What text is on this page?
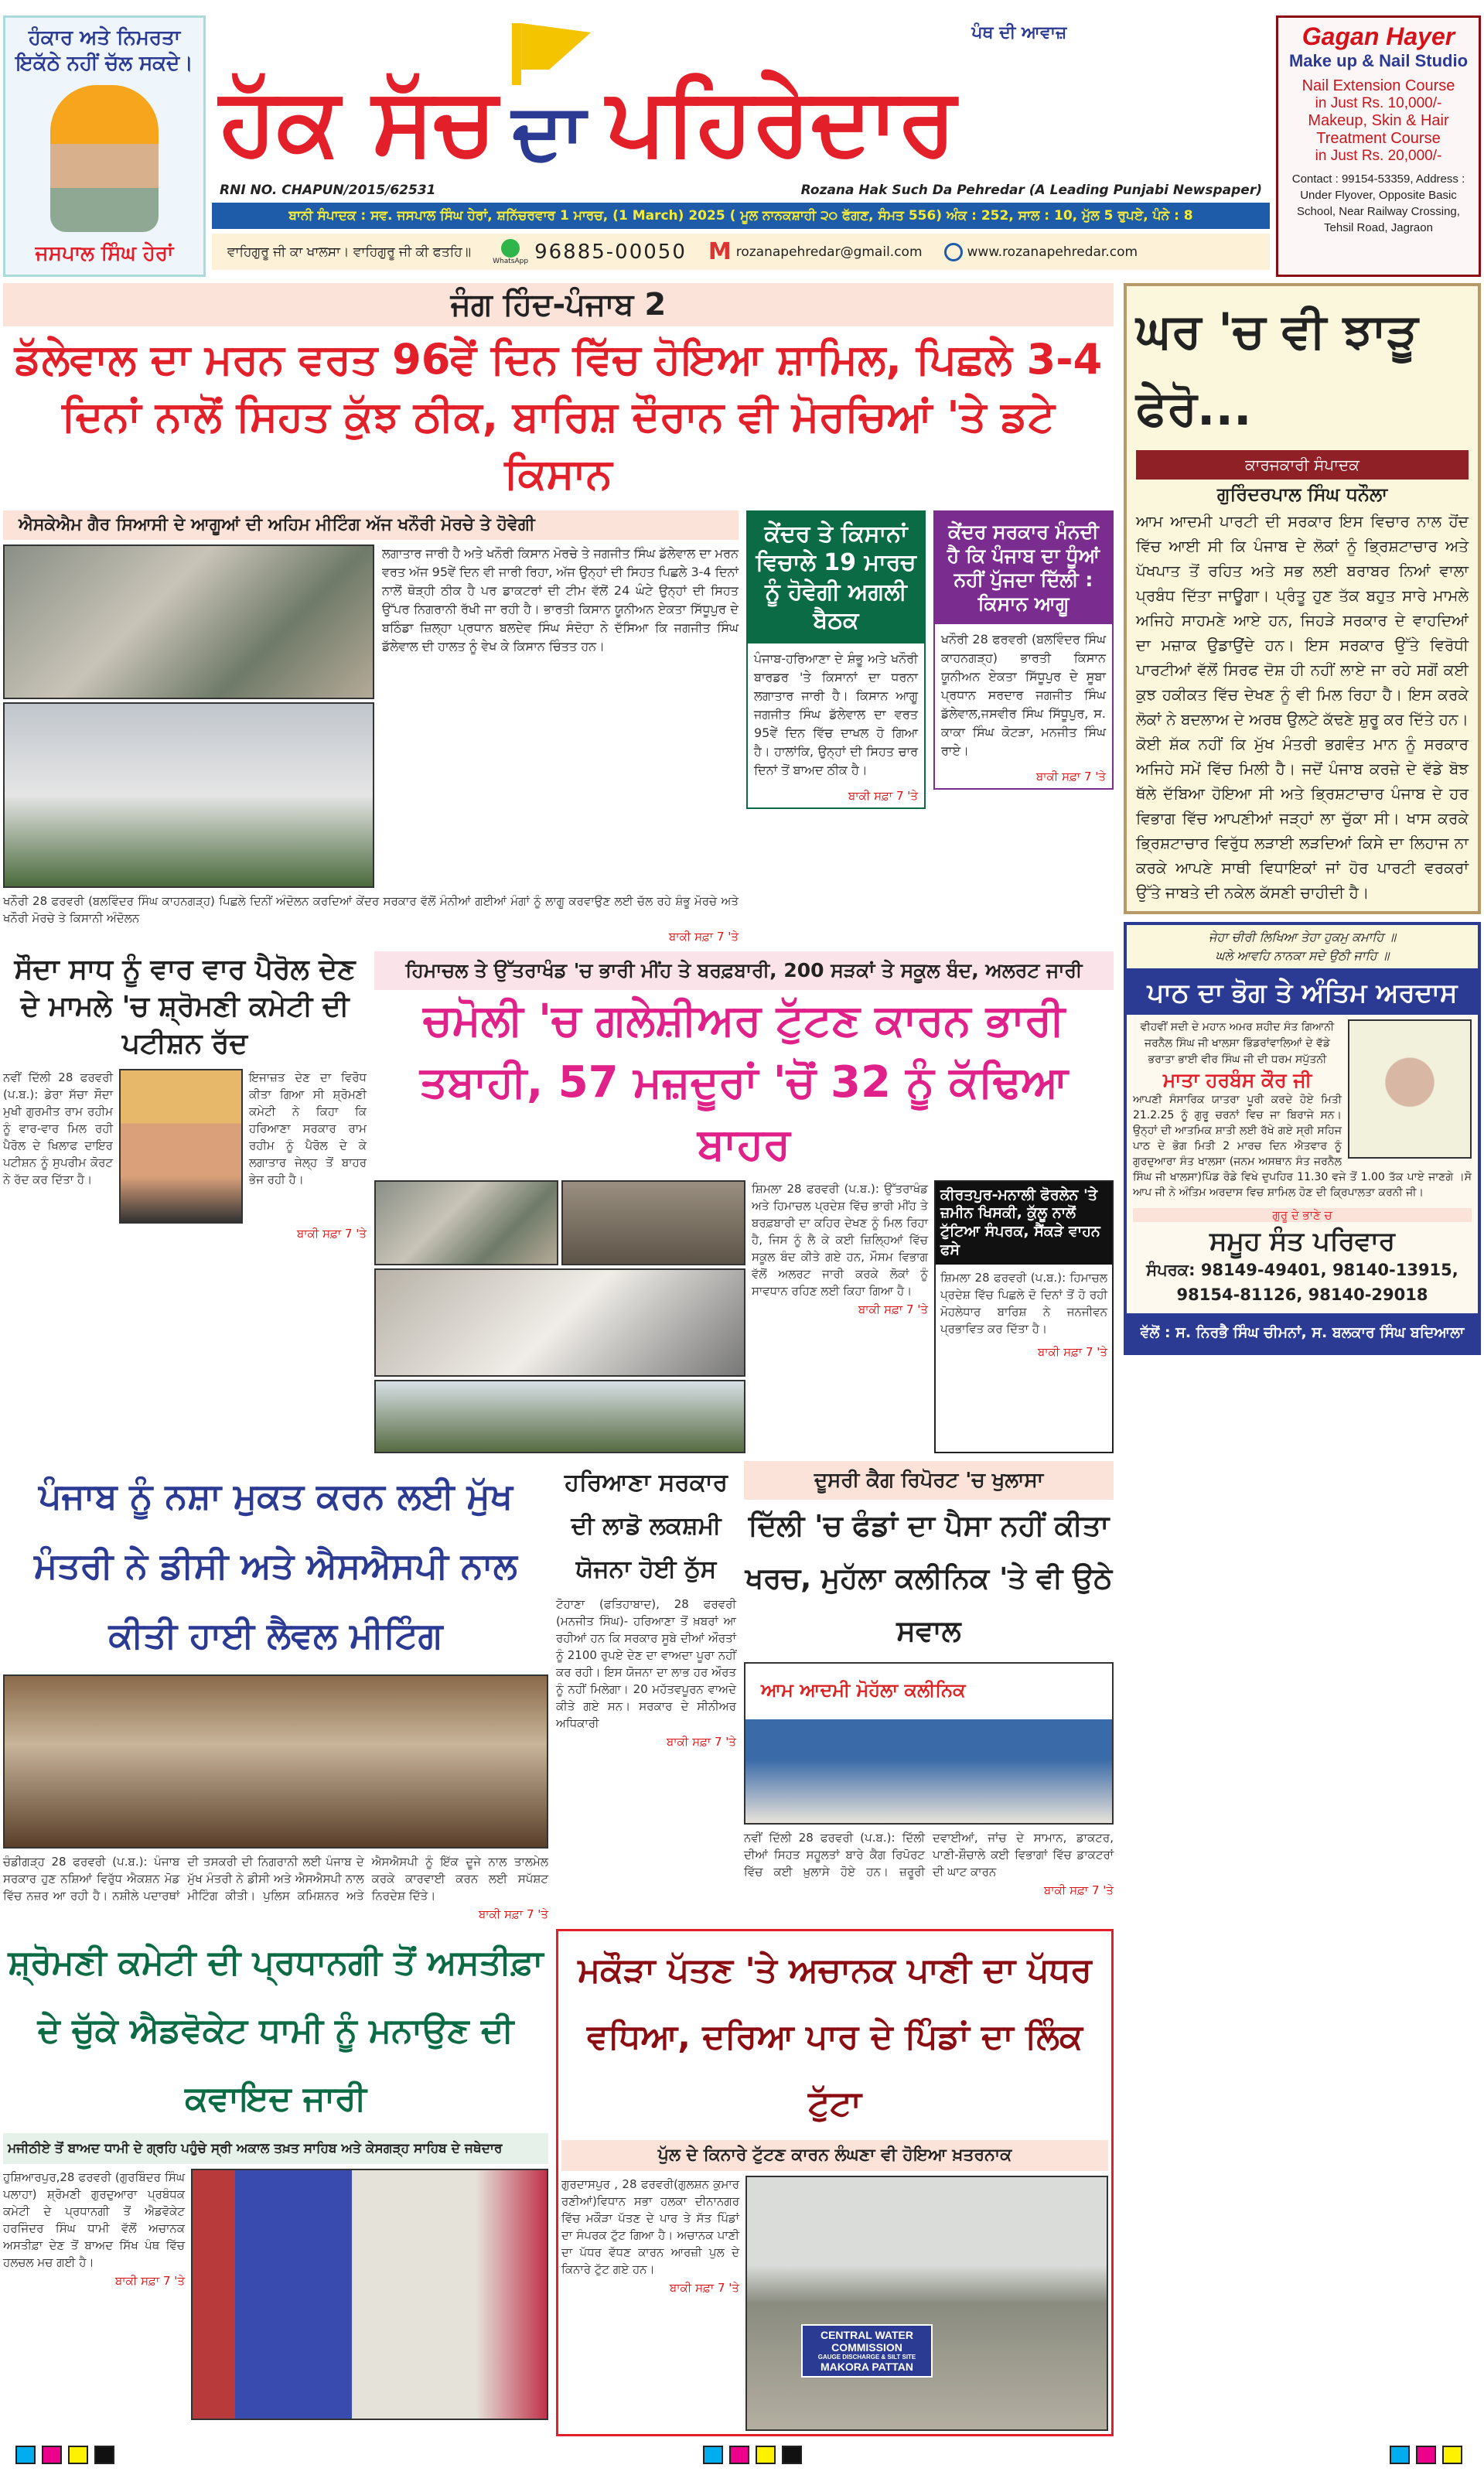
ਹੰਕਾਰ ਅਤੇ ਨਿਮਰਤਾ ਇਕੱਠੇ ਨਹੀਂ ਚੱਲ ਸਕਦੇ।
ਜਸਪਾਲ ਸਿੰਘ ਹੇਰਾਂ
ਹੱਕ ਸੱਚ ਦਾ ਪਹਿਰੇਦਾਰ
ਪੰਥ ਦੀ ਆਵਾਜ਼
RNI NO. CHAPUN/2015/62531	Rozana Hak Such Da Pehredar (A Leading Punjabi Newspaper)
ਬਾਨੀ ਸੰਪਾਦਕ : ਸਵ. ਜਸਪਾਲ ਸਿੰਘ ਹੇਰਾਂ, ਸ਼ਨਿੱਚਰਵਾਰ 1 ਮਾਰਚ, (1 March) 2025 ( ਮੂਲ ਨਾਨਕਸ਼ਾਹੀ ੨੦ ਫੱਗਣ, ਸੰਮਤ 556) ਅੰਕ : 252, ਸਾਲ : 10, ਮੁੱਲ 5 ਰੁਪਏ, ਪੰਨੇ : 8
ਵਾਹਿਗੁਰੂ ਜੀ ਕਾ ਖਾਲਸਾ। ਵਾਹਿਗੁਰੂ ਜੀ ਕੀ ਫਤਹਿ॥
WhatsApp 96885-00050 M rozanapehredar@gmail.com	www.rozanapehredar.com
Gagan Hayer
Make up & Nail Studio
Nail Extension Course
in Just Rs. 10,000/-
Makeup, Skin & Hair Treatment Course
in Just Rs. 20,000/-
Contact : 99154-53359, Address : Under Flyover, Opposite Basic School, Near Railway Crossing, Tehsil Road, Jagraon
ਜੰਗ ਹਿੰਦ-ਪੰਜਾਬ 2
ਡੱਲੇਵਾਲ ਦਾ ਮਰਨ ਵਰਤ 96ਵੇਂ ਦਿਨ ਵਿੱਚ ਹੋਇਆ ਸ਼ਾਮਿਲ, ਪਿਛਲੇ 3-4 ਦਿਨਾਂ ਨਾਲੋਂ ਸਿਹਤ ਕੁੱਝ ਠੀਕ, ਬਾਰਿਸ਼ ਦੌਰਾਨ ਵੀ ਮੋਰਚਿਆਂ 'ਤੇ ਡਟੇ ਕਿਸਾਨ
ਐਸਕੇਐਮ ਗੈਰ ਸਿਆਸੀ ਦੇ ਆਗੂਆਂ ਦੀ ਅਹਿਮ ਮੀਟਿੰਗ ਅੱਜ ਖਨੌਰੀ ਮੋਰਚੇ ਤੇ ਹੋਵੇਗੀ
ਲਗਾਤਾਰ ਜਾਰੀ ਹੈ ਅਤੇ ਖਨੌਰੀ ਕਿਸਾਨ ਮੋਰਚੇ ਤੇ ਜਗਜੀਤ ਸਿੰਘ ਡੱਲੇਵਾਲ ਦਾ ਮਰਨ ਵਰਤ ਅੱਜ 95ਵੇਂ ਦਿਨ ਵੀ ਜਾਰੀ ਰਿਹਾ, ਅੱਜ ਉਨ੍ਹਾਂ ਦੀ ਸਿਹਤ ਪਿਛਲੇ 3-4 ਦਿਨਾਂ ਨਾਲੋਂ ਥੋੜ੍ਹੀ ਠੀਕ ਹੈ ਪਰ ਡਾਕਟਰਾਂ ਦੀ ਟੀਮ ਵੱਲੋਂ 24 ਘੰਟੇ ਉਨ੍ਹਾਂ ਦੀ ਸਿਹਤ ਉੱਪਰ ਨਿਗਰਾਨੀ ਰੱਖੀ ਜਾ ਰਹੀ ਹੈ। ਭਾਰਤੀ ਕਿਸਾਨ ਯੂਨੀਅਨ ਏਕਤਾ ਸਿੱਧੂਪੁਰ ਦੇ ਬਠਿੰਡਾ ਜ਼ਿਲ੍ਹਾ ਪ੍ਰਧਾਨ ਬਲਦੇਵ ਸਿੰਘ ਸੰਦੋਹਾ ਨੇ ਦੱਸਿਆ ਕਿ ਜਗਜੀਤ ਸਿੰਘ ਡੱਲੇਵਾਲ ਦੀ ਹਾਲਤ ਨੂੰ ਵੇਖ ਕੇ ਕਿਸਾਨ ਚਿੰਤਤ ਹਨ।
ਖਨੌਰੀ 28 ਫਰਵਰੀ (ਬਲਵਿੰਦਰ ਸਿੰਘ ਕਾਹਨਗੜ੍ਹ) ਪਿਛਲੇ ਦਿਨੀਂ ਅੰਦੋਲਨ ਕਰਦਿਆਂ ਕੇਂਦਰ ਸਰਕਾਰ ਵੱਲੋਂ ਮੰਨੀਆਂ ਗਈਆਂ ਮੰਗਾਂ ਨੂੰ ਲਾਗੂ ਕਰਵਾਉਣ ਲਈ ਚੱਲ ਰਹੇ ਸ਼ੰਭੂ ਮੋਰਚੇ ਅਤੇ ਖਨੌਰੀ ਮੋਰਚੇ ਤੇ ਕਿਸਾਨੀ ਅੰਦੋਲਨ
ਬਾਕੀ ਸਫ਼ਾ 7 'ਤੇ
ਕੇਂਦਰ ਤੇ ਕਿਸਾਨਾਂ ਵਿਚਾਲੇ 19 ਮਾਰਚ ਨੂੰ ਹੋਵੇਗੀ ਅਗਲੀ ਬੈਠਕ
ਪੰਜਾਬ-ਹਰਿਆਣਾ ਦੇ ਸ਼ੰਭੂ ਅਤੇ ਖਨੌਰੀ ਬਾਰਡਰ 'ਤੇ ਕਿਸਾਨਾਂ ਦਾ ਧਰਨਾ ਲਗਾਤਾਰ ਜਾਰੀ ਹੈ। ਕਿਸਾਨ ਆਗੂ ਜਗਜੀਤ ਸਿੰਘ ਡੱਲੇਵਾਲ ਦਾ ਵਰਤ 95ਵੇਂ ਦਿਨ ਵਿੱਚ ਦਾਖਲ ਹੋ ਗਿਆ ਹੈ। ਹਾਲਾਂਕਿ, ਉਨ੍ਹਾਂ ਦੀ ਸਿਹਤ ਚਾਰ ਦਿਨਾਂ ਤੋਂ ਬਾਅਦ ਠੀਕ ਹੈ।
ਬਾਕੀ ਸਫ਼ਾ 7 'ਤੇ
ਕੇਂਦਰ ਸਰਕਾਰ ਮੰਨਦੀ ਹੈ ਕਿ ਪੰਜਾਬ ਦਾ ਧੂੰਆਂ ਨਹੀਂ ਪੁੱਜਦਾ ਦਿੱਲੀ : ਕਿਸਾਨ ਆਗੂ
ਖਨੌਰੀ 28 ਫਰਵਰੀ (ਬਲਵਿੰਦਰ ਸਿੰਘ ਕਾਹਨਗੜ੍ਹ) ਭਾਰਤੀ ਕਿਸਾਨ ਯੂਨੀਅਨ ਏਕਤਾ ਸਿੱਧੂਪੁਰ ਦੇ ਸੂਬਾ ਪ੍ਰਧਾਨ ਸਰਦਾਰ ਜਗਜੀਤ ਸਿੰਘ ਡੱਲੇਵਾਲ,ਜਸਵੀਰ ਸਿੰਘ ਸਿੱਧੂਪੁਰ, ਸ. ਕਾਕਾ ਸਿੰਘ ਕੋਟੜਾ, ਮਨਜੀਤ ਸਿੰਘ ਰਾਏ।
ਬਾਕੀ ਸਫ਼ਾ 7 'ਤੇ
ਸੌਦਾ ਸਾਧ ਨੂੰ ਵਾਰ ਵਾਰ ਪੈਰੋਲ ਦੇਣ ਦੇ ਮਾਮਲੇ 'ਚ ਸ਼੍ਰੋਮਣੀ ਕਮੇਟੀ ਦੀ ਪਟੀਸ਼ਨ ਰੱਦ
ਨਵੀਂ ਦਿੱਲੀ 28 ਫਰਵਰੀ (ਪ.ਬ.): ਡੇਰਾ ਸੱਚਾ ਸੌਦਾ ਮੁਖੀ ਗੁਰਮੀਤ ਰਾਮ ਰਹੀਮ ਨੂੰ ਵਾਰ-ਵਾਰ ਮਿਲ ਰਹੀ ਪੈਰੋਲ ਦੇ ਖਿਲਾਫ ਦਾਇਰ ਪਟੀਸ਼ਨ ਨੂੰ ਸੁਪਰੀਮ ਕੋਰਟ ਨੇ ਰੱਦ ਕਰ ਦਿੱਤਾ ਹੈ।
ਇਜਾਜ਼ਤ ਦੇਣ ਦਾ ਵਿਰੋਧ ਕੀਤਾ ਗਿਆ ਸੀ ਸ਼੍ਰੋਮਣੀ ਕਮੇਟੀ ਨੇ ਕਿਹਾ ਕਿ ਹਰਿਆਣਾ ਸਰਕਾਰ ਰਾਮ ਰਹੀਮ ਨੂੰ ਪੈਰੋਲ ਦੇ ਕੇ ਲਗਾਤਾਰ ਜੇਲ੍ਹ ਤੋਂ ਬਾਹਰ ਭੇਜ ਰਹੀ ਹੈ।
ਬਾਕੀ ਸਫ਼ਾ 7 'ਤੇ
ਹਿਮਾਚਲ ਤੇ ਉੱਤਰਾਖੰਡ 'ਚ ਭਾਰੀ ਮੀਂਹ ਤੇ ਬਰਫ਼ਬਾਰੀ, 200 ਸੜਕਾਂ ਤੇ ਸਕੂਲ ਬੰਦ, ਅਲਰਟ ਜਾਰੀ
ਚਮੋਲੀ 'ਚ ਗਲੇਸ਼ੀਅਰ ਟੁੱਟਣ ਕਾਰਨ ਭਾਰੀ ਤਬਾਹੀ, 57 ਮਜ਼ਦੂਰਾਂ 'ਚੋਂ 32 ਨੂੰ ਕੱਢਿਆ ਬਾਹਰ
ਸ਼ਿਮਲਾ 28 ਫਰਵਰੀ (ਪ.ਬ.): ਉੱਤਰਾਖੰਡ ਅਤੇ ਹਿਮਾਚਲ ਪ੍ਰਦੇਸ਼ ਵਿੱਚ ਭਾਰੀ ਮੀਂਹ ਤੇ ਬਰਫ਼ਬਾਰੀ ਦਾ ਕਹਿਰ ਦੇਖਣ ਨੂੰ ਮਿਲ ਰਿਹਾ ਹੈ, ਜਿਸ ਨੂੰ ਲੈ ਕੇ ਕਈ ਜ਼ਿਲ੍ਹਿਆਂ ਵਿੱਚ ਸਕੂਲ ਬੰਦ ਕੀਤੇ ਗਏ ਹਨ, ਮੌਸਮ ਵਿਭਾਗ ਵੱਲੋਂ ਅਲਰਟ ਜਾਰੀ ਕਰਕੇ ਲੋਕਾਂ ਨੂੰ ਸਾਵਧਾਨ ਰਹਿਣ ਲਈ ਕਿਹਾ ਗਿਆ ਹੈ।
ਬਾਕੀ ਸਫ਼ਾ 7 'ਤੇ
ਕੀਰਤਪੁਰ-ਮਨਾਲੀ ਫੋਰਲੇਨ 'ਤੇ ਜ਼ਮੀਨ ਖਿਸਕੀ, ਕੁੱਲੂ ਨਾਲੋਂ ਟੁੱਟਿਆ ਸੰਪਰਕ, ਸੈਂਕੜੇ ਵਾਹਨ ਫਸੇ
ਸ਼ਿਮਲਾ 28 ਫਰਵਰੀ (ਪ.ਬ.): ਹਿਮਾਚਲ ਪ੍ਰਦੇਸ਼ ਵਿੱਚ ਪਿਛਲੇ ਦੋ ਦਿਨਾਂ ਤੋਂ ਹੋ ਰਹੀ ਮੋਹਲੇਧਾਰ ਬਾਰਿਸ਼ ਨੇ ਜਨਜੀਵਨ ਪ੍ਰਭਾਵਿਤ ਕਰ ਦਿੱਤਾ ਹੈ।
ਬਾਕੀ ਸਫ਼ਾ 7 'ਤੇ
ਪੰਜਾਬ ਨੂੰ ਨਸ਼ਾ ਮੁਕਤ ਕਰਨ ਲਈ ਮੁੱਖ ਮੰਤਰੀ ਨੇ ਡੀਸੀ ਅਤੇ ਐਸਐਸਪੀ ਨਾਲ ਕੀਤੀ ਹਾਈ ਲੈਵਲ ਮੀਟਿੰਗ
ਚੰਡੀਗੜ੍ਹ 28 ਫਰਵਰੀ (ਪ.ਬ.): ਪੰਜਾਬ ਸਰਕਾਰ ਹੁਣ ਨਸ਼ਿਆਂ ਵਿਰੁੱਧ ਐਕਸ਼ਨ ਮੋਡ ਵਿੱਚ ਨਜ਼ਰ ਆ ਰਹੀ ਹੈ। ਨਸ਼ੀਲੇ ਪਦਾਰਥਾਂ ਦੀ ਤਸਕਰੀ ਦੀ ਨਿਗਰਾਨੀ ਲਈ ਪੰਜਾਬ ਦੇ ਮੁੱਖ ਮੰਤਰੀ ਨੇ ਡੀਸੀ ਅਤੇ ਐਸਐਸਪੀ ਨਾਲ ਮੀਟਿੰਗ ਕੀਤੀ। ਪੁਲਿਸ ਕਮਿਸ਼ਨਰ ਅਤੇ ਐਸਐਸਪੀ ਨੂੰ ਇੱਕ ਦੂਜੇ ਨਾਲ ਤਾਲਮੇਲ ਕਰਕੇ ਕਾਰਵਾਈ ਕਰਨ ਲਈ ਸਪੱਸ਼ਟ ਨਿਰਦੇਸ਼ ਦਿੱਤੇ।
ਬਾਕੀ ਸਫ਼ਾ 7 'ਤੇ
ਹਰਿਆਣਾ ਸਰਕਾਰ ਦੀ ਲਾਡੋ ਲਕਸ਼ਮੀ ਯੋਜਨਾ ਹੋਈ ਠੁੱਸ
ਟੋਹਾਣਾ (ਫਤਿਹਾਬਾਦ), 28 ਫਰਵਰੀ (ਮਨਜੀਤ ਸਿੰਘ)- ਹਰਿਆਣਾ ਤੋਂ ਖ਼ਬਰਾਂ ਆ ਰਹੀਆਂ ਹਨ ਕਿ ਸਰਕਾਰ ਸੂਬੇ ਦੀਆਂ ਔਰਤਾਂ ਨੂੰ 2100 ਰੁਪਏ ਦੇਣ ਦਾ ਵਾਅਦਾ ਪੂਰਾ ਨਹੀਂ ਕਰ ਰਹੀ। ਇਸ ਯੋਜਨਾ ਦਾ ਲਾਭ ਹਰ ਔਰਤ ਨੂੰ ਨਹੀਂ ਮਿਲੇਗਾ। 20 ਮਹੱਤਵਪੂਰਨ ਵਾਅਦੇ ਕੀਤੇ ਗਏ ਸਨ। ਸਰਕਾਰ ਦੇ ਸੀਨੀਅਰ ਅਧਿਕਾਰੀ
ਬਾਕੀ ਸਫ਼ਾ 7 'ਤੇ
ਦੂਸਰੀ ਕੈਗ ਰਿਪੋਰਟ 'ਚ ਖੁਲਾਸਾ
ਦਿੱਲੀ 'ਚ ਫੰਡਾਂ ਦਾ ਪੈਸਾ ਨਹੀਂ ਕੀਤਾ ਖਰਚ, ਮੁਹੱਲਾ ਕਲੀਨਿਕ 'ਤੇ ਵੀ ਉਠੇ ਸਵਾਲ
ਆਮ ਆਦਮੀ ਮੋਹੱਲਾ ਕਲੀਨਿਕ
ਨਵੀਂ ਦਿੱਲੀ 28 ਫਰਵਰੀ (ਪ.ਬ.): ਦਿੱਲੀ ਦੀਆਂ ਸਿਹਤ ਸਹੂਲਤਾਂ ਬਾਰੇ ਕੈਗ ਰਿਪੋਰਟ ਵਿੱਚ ਕਈ ਖ਼ੁਲਾਸੇ ਹੋਏ ਹਨ। ਜ਼ਰੂਰੀ ਦਵਾਈਆਂ, ਜਾਂਚ ਦੇ ਸਾਮਾਨ, ਡਾਕਟਰ, ਪਾਣੀ-ਸ਼ੌਚਾਲੇ ਕਈ ਵਿਭਾਗਾਂ ਵਿੱਚ ਡਾਕਟਰਾਂ ਦੀ ਘਾਟ ਕਾਰਨ
ਬਾਕੀ ਸਫ਼ਾ 7 'ਤੇ
ਸ਼੍ਰੋਮਣੀ ਕਮੇਟੀ ਦੀ ਪ੍ਰਧਾਨਗੀ ਤੋਂ ਅਸਤੀਫ਼ਾ ਦੇ ਚੁੱਕੇ ਐਡਵੋਕੇਟ ਧਾਮੀ ਨੂੰ ਮਨਾਉਣ ਦੀ ਕਵਾਇਦ ਜਾਰੀ
ਮਜੀਠੀਏ ਤੋਂ ਬਾਅਦ ਧਾਮੀ ਦੇ ਗ੍ਰਹਿ ਪਹੁੰਚੇ ਸ੍ਰੀ ਅਕਾਲ ਤਖ਼ਤ ਸਾਹਿਬ ਅਤੇ ਕੇਸਗੜ੍ਹ ਸਾਹਿਬ ਦੇ ਜਥੇਦਾਰ
ਹੁਸ਼ਿਆਰਪੁਰ,28 ਫਰਵਰੀ (ਗੁਰਬਿੰਦਰ ਸਿੰਘ ਪਲਾਹਾ) ਸ਼੍ਰੋਮਣੀ ਗੁਰਦੁਆਰਾ ਪ੍ਰਬੰਧਕ ਕਮੇਟੀ ਦੇ ਪ੍ਰਧਾਨਗੀ ਤੋਂ ਐਡਵੋਕੇਟ ਹਰਜਿੰਦਰ ਸਿੰਘ ਧਾਮੀ ਵੱਲੋਂ ਅਚਾਨਕ ਅਸਤੀਫ਼ਾ ਦੇਣ ਤੋਂ ਬਾਅਦ ਸਿੱਖ ਪੰਥ ਵਿੱਚ ਹਲਚਲ ਮਚ ਗਈ ਹੈ।
ਬਾਕੀ ਸਫ਼ਾ 7 'ਤੇ
ਮਕੌੜਾ ਪੱਤਣ 'ਤੇ ਅਚਾਨਕ ਪਾਣੀ ਦਾ ਪੱਧਰ ਵਧਿਆ, ਦਰਿਆ ਪਾਰ ਦੇ ਪਿੰਡਾਂ ਦਾ ਲਿੰਕ ਟੁੱਟਾ
ਪੁੱਲ ਦੇ ਕਿਨਾਰੇ ਟੁੱਟਣ ਕਾਰਨ ਲੰਘਣਾ ਵੀ ਹੋਇਆ ਖ਼ਤਰਨਾਕ
ਗੁਰਦਾਸਪੁਰ , 28 ਫਰਵਰੀ(ਗੁਲਸ਼ਨ ਕੁਮਾਰ ਰਣੀਆਂ)ਵਿਧਾਨ ਸਭਾ ਹਲਕਾ ਦੀਨਾਨਗਰ ਵਿੱਚ ਮਕੌੜਾ ਪੱਤਣ ਦੇ ਪਾਰ ਤੇ ਸੱਤ ਪਿੰਡਾਂ ਦਾ ਸੰਪਰਕ ਟੁੱਟ ਗਿਆ ਹੈ। ਅਚਾਨਕ ਪਾਣੀ ਦਾ ਪੱਧਰ ਵੱਧਣ ਕਾਰਨ ਆਰਜ਼ੀ ਪੁਲ ਦੇ ਕਿਨਾਰੇ ਟੁੱਟ ਗਏ ਹਨ।
ਬਾਕੀ ਸਫ਼ਾ 7 'ਤੇ
CENTRAL WATER
COMMISSION
GAUGE DISCHARGE & SILT SITE
MAKORA PATTAN
ਘਰ 'ਚ ਵੀ ਝਾੜੂ ਫੇਰੋ...
ਕਾਰਜਕਾਰੀ ਸੰਪਾਦਕ
ਗੁਰਿੰਦਰਪਾਲ ਸਿੰਘ ਧਨੌਲਾ
ਆਮ ਆਦਮੀ ਪਾਰਟੀ ਦੀ ਸਰਕਾਰ ਇਸ ਵਿਚਾਰ ਨਾਲ ਹੋਂਦ ਵਿੱਚ ਆਈ ਸੀ ਕਿ ਪੰਜਾਬ ਦੇ ਲੋਕਾਂ ਨੂੰ ਭ੍ਰਿਸ਼ਟਾਚਾਰ ਅਤੇ ਪੱਖਪਾਤ ਤੋਂ ਰਹਿਤ ਅਤੇ ਸਭ ਲਈ ਬਰਾਬਰ ਨਿਆਂ ਵਾਲਾ ਪ੍ਰਬੰਧ ਦਿੱਤਾ ਜਾਊਗਾ। ਪ੍ਰੰਤੂ ਹੁਣ ਤੱਕ ਬਹੁਤ ਸਾਰੇ ਮਾਮਲੇ ਅਜਿਹੇ ਸਾਹਮਣੇ ਆਏ ਹਨ, ਜਿਹੜੇ ਸਰਕਾਰ ਦੇ ਵਾਹਦਿਆਂ ਦਾ ਮਜ਼ਾਕ ਉਡਾਉਂਦੇ ਹਨ। ਇਸ ਸਰਕਾਰ ਉੱਤੇ ਵਿਰੋਧੀ ਪਾਰਟੀਆਂ ਵੱਲੋਂ ਸਿਰਫ ਦੋਸ਼ ਹੀ ਨਹੀਂ ਲਾਏ ਜਾ ਰਹੇ ਸਗੋਂ ਕਈ ਕੁਝ ਹਕੀਕਤ ਵਿੱਚ ਦੇਖਣ ਨੂੰ ਵੀ ਮਿਲ ਰਿਹਾ ਹੈ। ਇਸ ਕਰਕੇ ਲੋਕਾਂ ਨੇ ਬਦਲਾਅ ਦੇ ਅਰਥ ਉਲਟੇ ਕੱਢਣੇ ਸ਼ੁਰੂ ਕਰ ਦਿੱਤੇ ਹਨ। ਕੋਈ ਸ਼ੱਕ ਨਹੀਂ ਕਿ ਮੁੱਖ ਮੰਤਰੀ ਭਗਵੰਤ ਮਾਨ ਨੂੰ ਸਰਕਾਰ ਅਜਿਹੇ ਸਮੇਂ ਵਿੱਚ ਮਿਲੀ ਹੈ। ਜਦੋਂ ਪੰਜਾਬ ਕਰਜ਼ੇ ਦੇ ਵੱਡੇ ਬੋਝ ਥੱਲੇ ਦੱਬਿਆ ਹੋਇਆ ਸੀ ਅਤੇ ਭ੍ਰਿਸ਼ਟਾਚਾਰ ਪੰਜਾਬ ਦੇ ਹਰ ਵਿਭਾਗ ਵਿੱਚ ਆਪਣੀਆਂ ਜੜ੍ਹਾਂ ਲਾ ਚੁੱਕਾ ਸੀ। ਖਾਸ ਕਰਕੇ ਭ੍ਰਿਸ਼ਟਾਚਾਰ ਵਿਰੁੱਧ ਲੜਾਈ ਲੜਦਿਆਂ ਕਿਸੇ ਦਾ ਲਿਹਾਜ ਨਾ ਕਰਕੇ ਆਪਣੇ ਸਾਥੀ ਵਿਧਾਇਕਾਂ ਜਾਂ ਹੋਰ ਪਾਰਟੀ ਵਰਕਰਾਂ ਉੱਤੇ ਜਾਬਤੇ ਦੀ ਨਕੇਲ ਕੱਸਣੀ ਚਾਹੀਦੀ ਹੈ।
ਜੇਹਾ ਚੀਰੀ ਲਿਖਿਆ ਤੇਹਾ ਹੁਕਮੁ ਕਮਾਹਿ ॥
ਘਲੇ ਆਵਹਿ ਨਾਨਕਾ ਸਦੇ ਉਠੀ ਜਾਹਿ ॥
ਪਾਠ ਦਾ ਭੋਗ ਤੇ ਅੰਤਿਮ ਅਰਦਾਸ
ਵੀਹਵੀਂ ਸਦੀ ਦੇ ਮਹਾਨ ਅਮਰ ਸ਼ਹੀਦ ਸੰਤ ਗਿਆਨੀ ਜਰਨੈਲ ਸਿੰਘ ਜੀ ਖਾਲਸਾ ਭਿੰਡਰਾਂਵਾਲਿਆਂ ਦੇ ਵੱਡੇ ਭਰਾਤਾ ਭਾਈ ਵੀਰ ਸਿੰਘ ਜੀ ਦੀ ਧਰਮ ਸਪੁੱਤਨੀ
ਮਾਤਾ ਹਰਬੰਸ ਕੌਰ ਜੀ
ਆਪਣੀ ਸੰਸਾਰਿਕ ਯਾਤਰਾ ਪੂਰੀ ਕਰਦੇ ਹੋਏ ਮਿਤੀ 21.2.25 ਨੂੰ ਗੁਰੂ ਚਰਨਾਂ ਵਿਚ ਜਾ ਬਿਰਾਜੇ ਸਨ। ਉਨ੍ਹਾਂ ਦੀ ਆਤਮਿਕ ਸ਼ਾਤੀ ਲਈ ਰੱਖੇ ਗਏ ਸ੍ਰੀ ਸਹਿਜ ਪਾਠ ਦੇ ਭੋਗ ਮਿਤੀ 2 ਮਾਰਚ ਦਿਨ ਐਤਵਾਰ ਨੂੰ ਗੁਰਦੁਆਰਾ ਸੰਤ ਖਾਲਸਾ (ਜਨਮ ਅਸਥਾਨ ਸੰਤ ਜਰਨੈਲ ਸਿੰਘ ਜੀ ਖਾਲਸਾ)ਪਿੰਡ ਰੋਡੇ ਵਿਖੇ ਦੁਪਹਿਰ 11.30 ਵਜੇ ਤੋਂ 1.00 ਤੱਕ ਪਾਏ ਜਾਣਗੇ ।ਸੋ ਆਪ ਜੀ ਨੇ ਅੰਤਿਮ ਅਰਦਾਸ ਵਿਚ ਸ਼ਾਮਿਲ ਹੋਣ ਦੀ ਕ੍ਰਿਪਾਲਤਾ ਕਰਨੀ ਜੀ।
ਗੁਰੂ ਦੇ ਭਾਣੇ ਚ
ਸਮੂਹ ਸੰਤ ਪਰਿਵਾਰ
ਸੰਪਰਕ: 98149-49401, 98140-13915, 98154-81126, 98140-29018
ਵੱਲੋਂ : ਸ. ਨਿਰਭੈ ਸਿੰਘ ਚੀਮਨਾਂ, ਸ. ਬਲਕਾਰ ਸਿੰਘ ਬਦਿਆਲਾ
